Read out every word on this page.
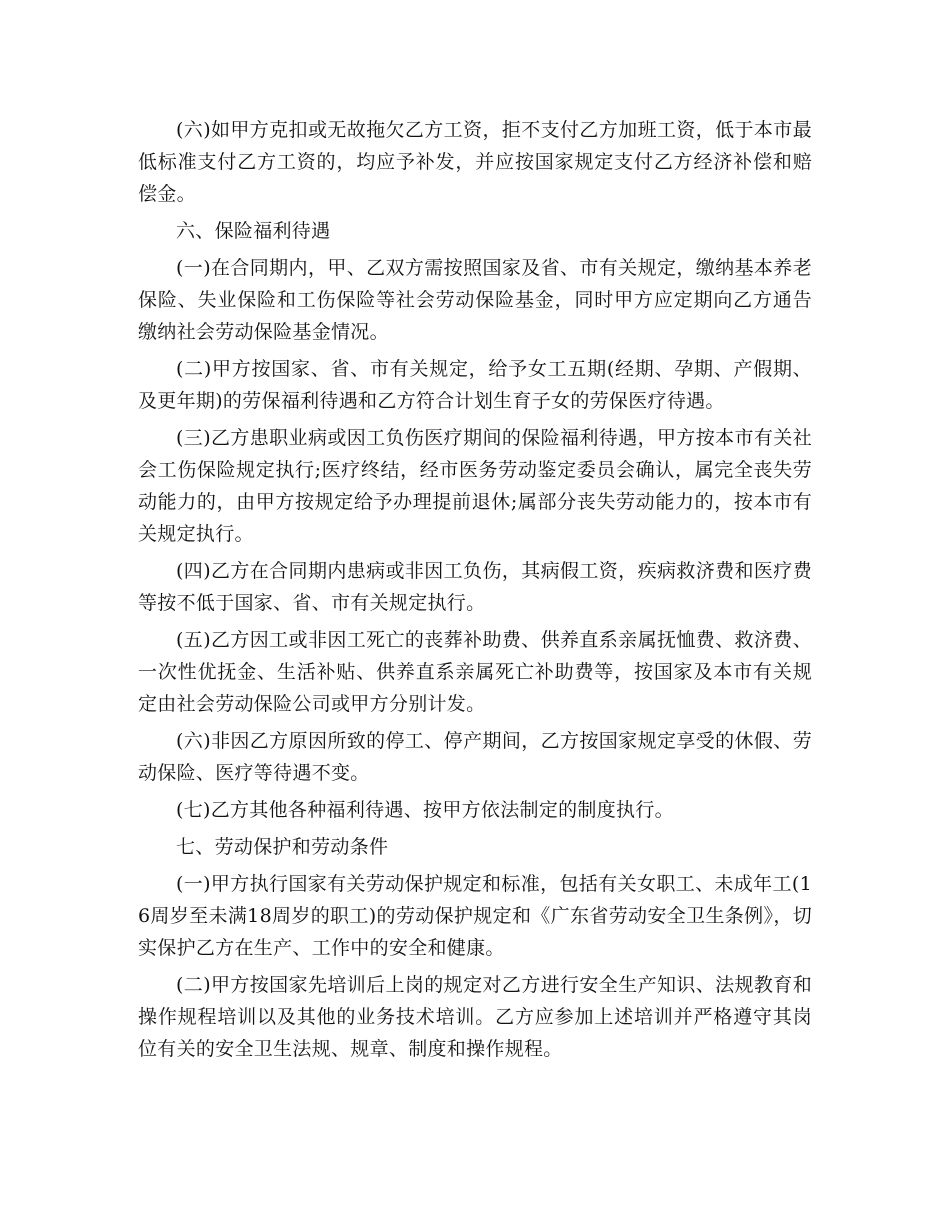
(六)如甲方克扣或无故拖欠乙方工资，拒不支付乙方加班工资，低于本市最低标准支付乙方工资的，均应予补发，并应按国家规定支付乙方经济补偿和赔偿金。

六、保险福利待遇

(一)在合同期内，甲、乙双方需按照国家及省、市有关规定，缴纳基本养老保险、失业保险和工伤保险等社会劳动保险基金，同时甲方应定期向乙方通告缴纳社会劳动保险基金情况。

(二)甲方按国家、省、市有关规定，给予女工五期(经期、孕期、产假期、及更年期)的劳保福利待遇和乙方符合计划生育子女的劳保医疗待遇。

(三)乙方患职业病或因工负伤医疗期间的保险福利待遇，甲方按本市有关社会工伤保险规定执行;医疗终结，经市医务劳动鉴定委员会确认，属完全丧失劳动能力的，由甲方按规定给予办理提前退休;属部分丧失劳动能力的，按本市有关规定执行。

(四)乙方在合同期内患病或非因工负伤，其病假工资，疾病救济费和医疗费等按不低于国家、省、市有关规定执行。

(五)乙方因工或非因工死亡的丧葬补助费、供养直系亲属抚恤费、救济费、一次性优抚金、生活补贴、供养直系亲属死亡补助费等，按国家及本市有关规定由社会劳动保险公司或甲方分别计发。

(六)非因乙方原因所致的停工、停产期间，乙方按国家规定享受的休假、劳动保险、医疗等待遇不变。

(七)乙方其他各种福利待遇、按甲方依法制定的制度执行。

七、劳动保护和劳动条件

(一)甲方执行国家有关劳动保护规定和标准，包括有关女职工、未成年工(16周岁至未满18周岁的职工)的劳动保护规定和《广东省劳动安全卫生条例》，切实保护乙方在生产、工作中的安全和健康。

(二)甲方按国家先培训后上岗的规定对乙方进行安全生产知识、法规教育和操作规程培训以及其他的业务技术培训。乙方应参加上述培训并严格遵守其岗位有关的安全卫生法规、规章、制度和操作规程。
